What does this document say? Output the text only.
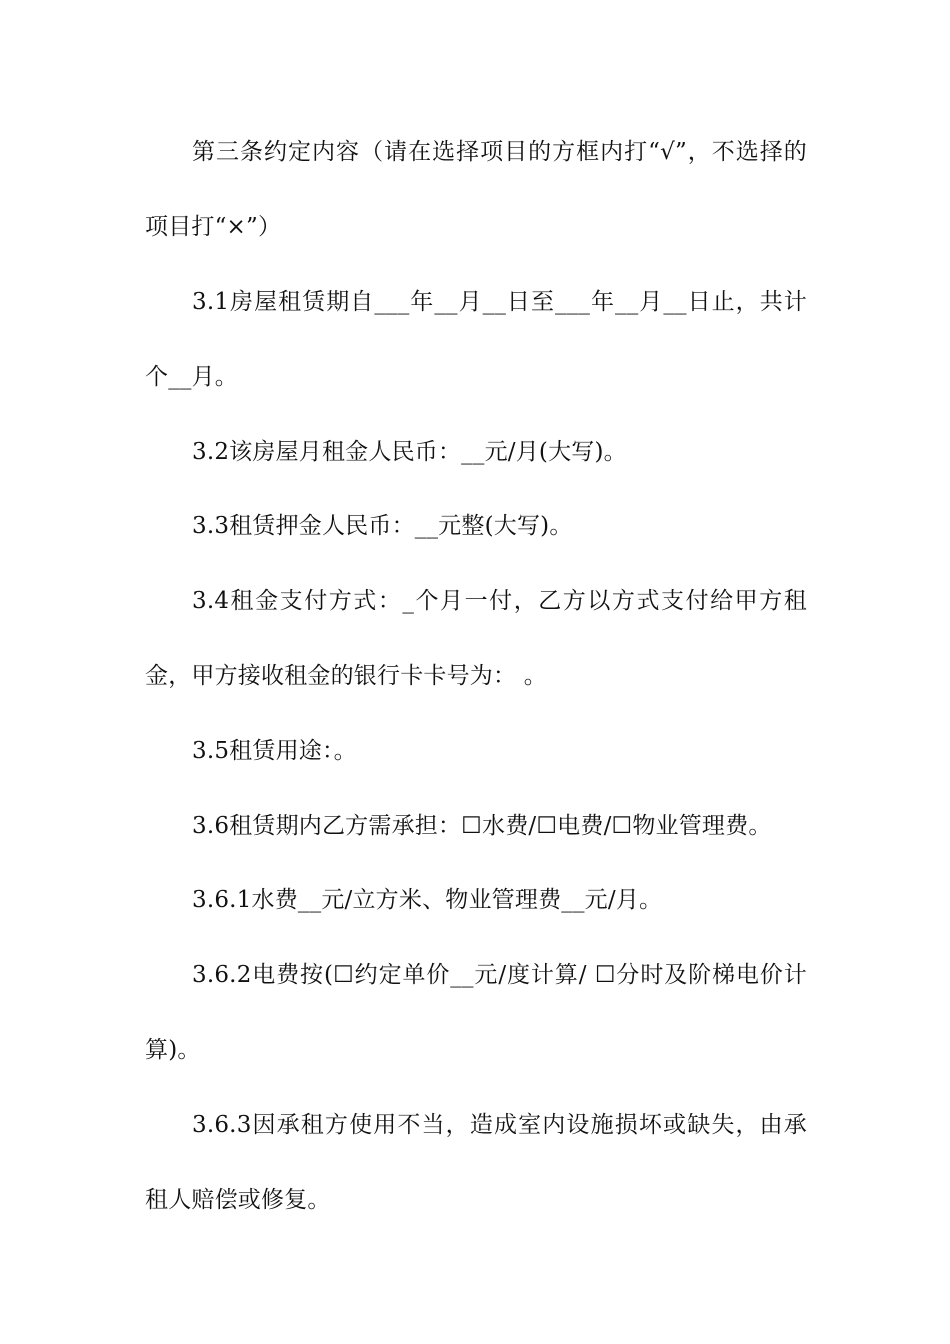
第三条约定内容（请在选择项目的方框内打“√”，不选择的项目打“×”）

3.1房屋租赁期自___年__月__日至___年__月__日止，共计个__月。

3.2该房屋月租金人民币：__元/月(大写)。

3.3租赁押金人民币：__元整(大写)。

3.4租金支付方式：_个月一付，乙方以方式支付给甲方租金，甲方接收租金的银行卡卡号为： 。

3.5租赁用途：。

3.6租赁期内乙方需承担：☐水费/☐电费/☐物业管理费。

3.6.1水费__元/立方米、物业管理费__元/月。

3.6.2电费按(☐约定单价__元/度计算/ ☐分时及阶梯电价计算)。

3.6.3因承租方使用不当，造成室内设施损坏或缺失，由承租人赔偿或修复。
